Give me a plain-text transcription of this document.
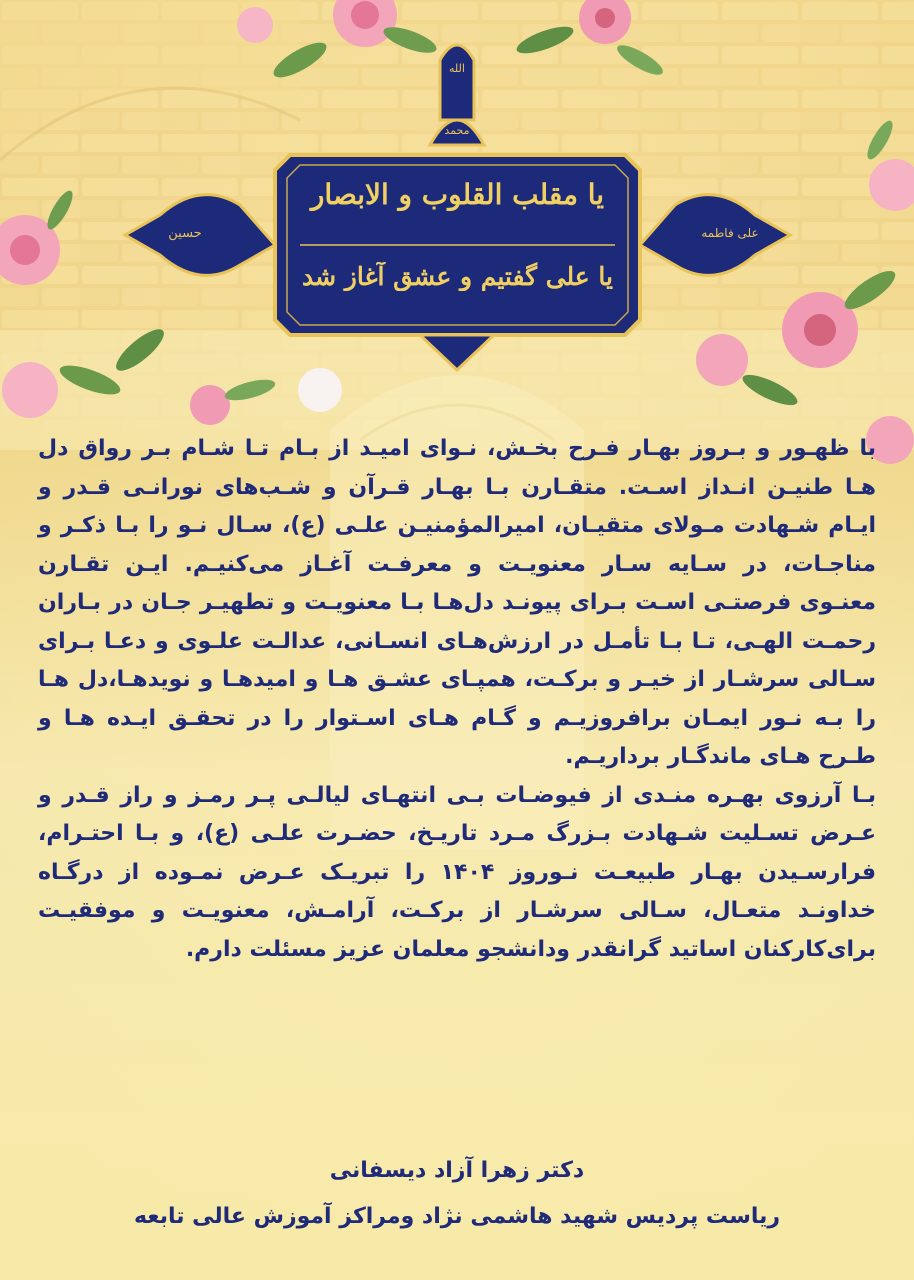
الله
محمد
یا مقلب القلوب و الابصار
یا علی گفتیم و عشق آغاز شد
حسین	علی فاطمه

با ظهـور و بـروز بهـار فـرح بخـش، نـوای امیـد از بـام تـا شـام بـر رواق دل هـا طنیـن انـداز اسـت. متقـارن بـا بهـار قـرآن و شـب‌های نورانـی قـدر و ایـام شـهادت مـولای متقیـان، امیرالمؤمنیـن علـی (ع)، سـال نـو را بـا ذکـر و مناجـات، در سـایه سـار معنویـت و معرفـت آغـاز می‌کنیـم. ایـن تقـارن معنـوی فرصتـی اسـت بـرای پیونـد دل‌هـا بـا معنویـت و تطهیـر جـان در بـاران رحمـت الهـی، تـا بـا تأمـل در ارزش‌هـای انسـانی، عدالـت علـوی و دعـا بـرای سـالی سرشـار از خیـر و برکـت، همپـای عشـق هـا و امیدهـا و نویدهـا،دل هـا را بـه نـور ایمـان برافروزیـم و گـام هـای اسـتوار را در تحقـق ایـده هـا و طـرح هـای ماندگـار برداریـم.

بـا آرزوی بهـره منـدی از فیوضـات بـی انتهـای لیالـی پـر رمـز و راز قـدر و عـرض تسـلیت شـهادت بـزرگ مـرد تاریـخ، حضـرت علـی (ع)، و بـا احتـرام، فرارسـیدن بهـار طبیعـت نـوروز ۱۴۰۴ را تبریـک عـرض نمـوده از درگـاه خداونـد متعـال، سـالی سرشـار از برکـت، آرامـش، معنویـت و موفقیـت برای‌کارکنان اساتید گرانقدر ودانشجو معلمان عزیز مسئلت دارم.

دکتر زهرا آزاد دیسفانی
ریاست پردیس شهید هاشمی نژاد ومراکز آموزش عالی تابعه
